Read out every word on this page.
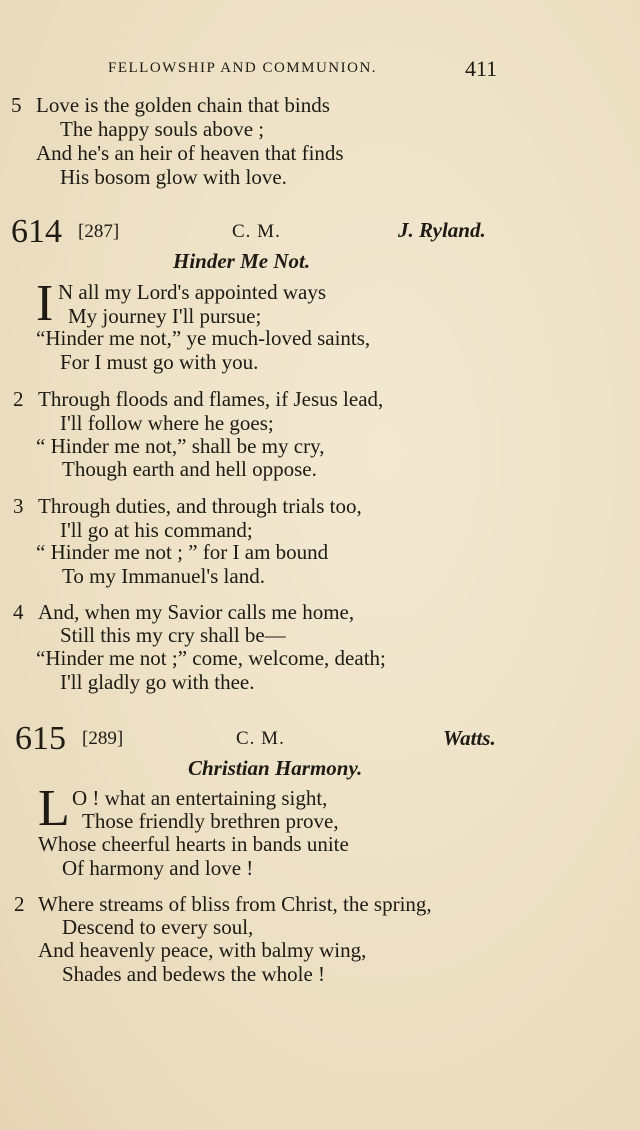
FELLOWSHIP AND COMMUNION.	411
5 Love is the golden chain that binds
The happy souls above ;
And he's an heir of heaven that finds
His bosom glow with love.
614 [287]	C. M.	J. Ryland.
Hinder Me Not.
I N all my Lord's appointed ways
My journey I'll pursue;
“Hinder me not,” ye much-loved saints,
For I must go with you.
2 Through floods and flames, if Jesus lead,
I'll follow where he goes;
“ Hinder me not,” shall be my cry,
Though earth and hell oppose.
3 Through duties, and through trials too,
I'll go at his command;
“ Hinder me not ; ” for I am bound
To my Immanuel's land.
4 And, when my Savior calls me home,
Still this my cry shall be—
“Hinder me not ;” come, welcome, death;
I'll gladly go with thee.
615 [289]	C. M.	Watts.
Christian Harmony.
L O ! what an entertaining sight,
Those friendly brethren prove,
Whose cheerful hearts in bands unite
Of harmony and love !
2 Where streams of bliss from Christ, the spring,
Descend to every soul,
And heavenly peace, with balmy wing,
Shades and bedews the whole !
